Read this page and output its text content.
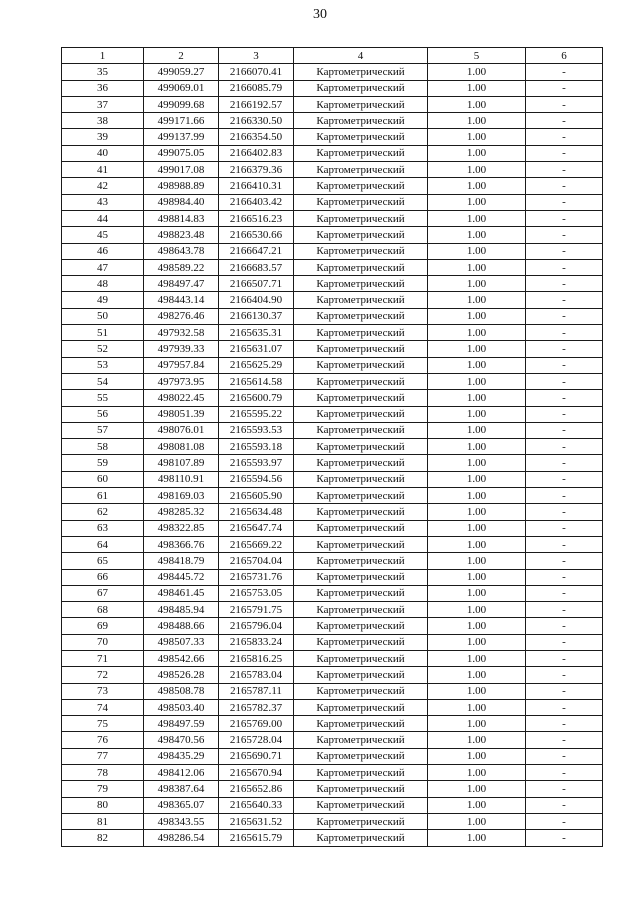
30
1	2	3	4	5	6
35	499059.27	2166070.41	Картометрический	1.00	-
36	499069.01	2166085.79	Картометрический	1.00	-
37	499099.68	2166192.57	Картометрический	1.00	-
38	499171.66	2166330.50	Картометрический	1.00	-
39	499137.99	2166354.50	Картометрический	1.00	-
40	499075.05	2166402.83	Картометрический	1.00	-
41	499017.08	2166379.36	Картометрический	1.00	-
42	498988.89	2166410.31	Картометрический	1.00	-
43	498984.40	2166403.42	Картометрический	1.00	-
44	498814.83	2166516.23	Картометрический	1.00	-
45	498823.48	2166530.66	Картометрический	1.00	-
46	498643.78	2166647.21	Картометрический	1.00	-
47	498589.22	2166683.57	Картометрический	1.00	-
48	498497.47	2166507.71	Картометрический	1.00	-
49	498443.14	2166404.90	Картометрический	1.00	-
50	498276.46	2166130.37	Картометрический	1.00	-
51	497932.58	2165635.31	Картометрический	1.00	-
52	497939.33	2165631.07	Картометрический	1.00	-
53	497957.84	2165625.29	Картометрический	1.00	-
54	497973.95	2165614.58	Картометрический	1.00	-
55	498022.45	2165600.79	Картометрический	1.00	-
56	498051.39	2165595.22	Картометрический	1.00	-
57	498076.01	2165593.53	Картометрический	1.00	-
58	498081.08	2165593.18	Картометрический	1.00	-
59	498107.89	2165593.97	Картометрический	1.00	-
60	498110.91	2165594.56	Картометрический	1.00	-
61	498169.03	2165605.90	Картометрический	1.00	-
62	498285.32	2165634.48	Картометрический	1.00	-
63	498322.85	2165647.74	Картометрический	1.00	-
64	498366.76	2165669.22	Картометрический	1.00	-
65	498418.79	2165704.04	Картометрический	1.00	-
66	498445.72	2165731.76	Картометрический	1.00	-
67	498461.45	2165753.05	Картометрический	1.00	-
68	498485.94	2165791.75	Картометрический	1.00	-
69	498488.66	2165796.04	Картометрический	1.00	-
70	498507.33	2165833.24	Картометрический	1.00	-
71	498542.66	2165816.25	Картометрический	1.00	-
72	498526.28	2165783.04	Картометрический	1.00	-
73	498508.78	2165787.11	Картометрический	1.00	-
74	498503.40	2165782.37	Картометрический	1.00	-
75	498497.59	2165769.00	Картометрический	1.00	-
76	498470.56	2165728.04	Картометрический	1.00	-
77	498435.29	2165690.71	Картометрический	1.00	-
78	498412.06	2165670.94	Картометрический	1.00	-
79	498387.64	2165652.86	Картометрический	1.00	-
80	498365.07	2165640.33	Картометрический	1.00	-
81	498343.55	2165631.52	Картометрический	1.00	-
82	498286.54	2165615.79	Картометрический	1.00	-
